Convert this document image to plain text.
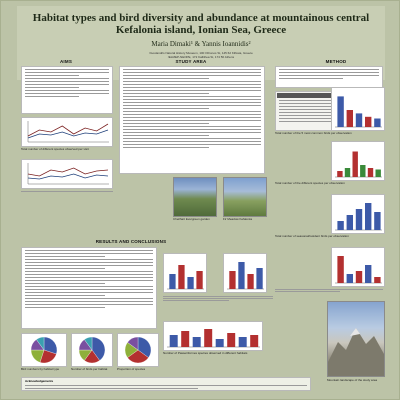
Habitat types and bird diversity and abundance at mountainous central
Kefalonia island, Ionian Sea, Greece
Maria Dimaki¹ & Yannis Ioannidis²
¹Goulandris Natural History Museum, 100 Othonos St, 145 62 Kifissia, Greece
²ELMEP-NEOPE, 172 Kallithea St, 174 56 Athens
AIMS
Total number of different species observed per visit
STUDY AREA
Cheilhart Evergreen garden	Fir Meadow Kefalonia
METHOD
Total number of the 5 most common birds per observation
Total number of the different species per observation
Total number of seasonal/resident birds per observation
RESULTS AND CONCLUSIONS
Bird numbers by habitat type	Number of birds per habitat	Proportion of species
Number of Passeriformes species observed in different habitats
Acknowledgements	Mountain landscape of the study area
